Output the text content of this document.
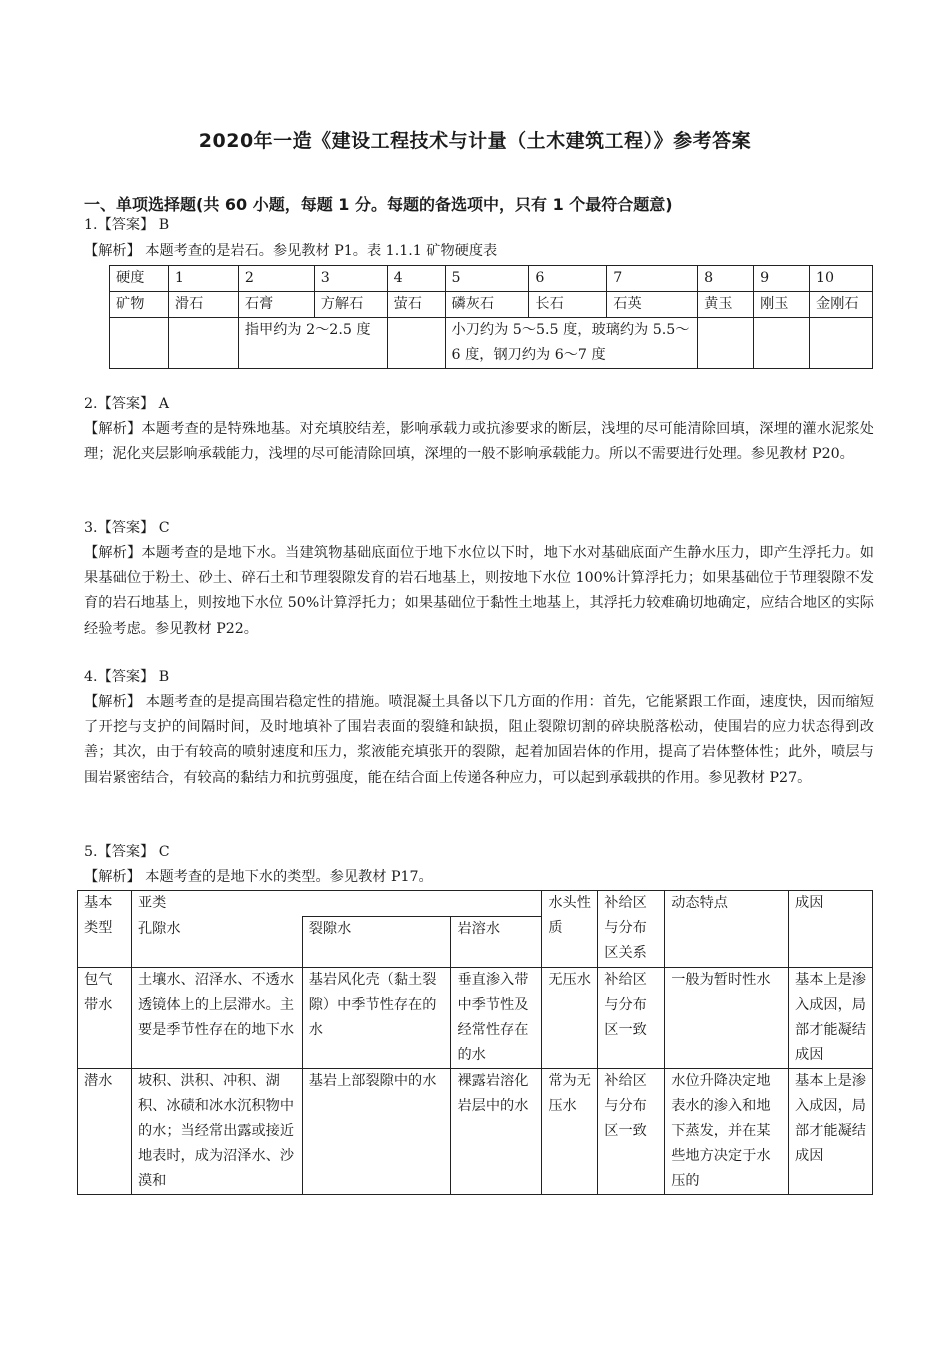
2020年一造《建设工程技术与计量（土木建筑工程）》参考答案
一、单项选择题(共 60 小题，每题 1 分。每题的备选项中，只有 1 个最符合题意)
1.【答案】 B
【解析】 本题考查的是岩石。参见教材 P1。表 1.1.1 矿物硬度表
硬度	1	2	3	4	5	6	7	8	9	10
矿物	滑石	石膏	方解石	萤石	磷灰石	长石	石英	黄玉	刚玉	金刚石
		指甲约为 2～2.5 度			小刀约为 5～5.5 度，玻璃约为 5.5～6 度，钢刀约为 6～7 度					
2.【答案】 A
【解析】本题考查的是特殊地基。对充填胶结差，影响承载力或抗渗要求的断层，浅埋的尽可能清除回填，深埋的灌水泥浆处理；泥化夹层影响承载能力，浅埋的尽可能清除回填，深埋的一般不影响承载能力。所以不需要进行处理。参见教材 P20。
3.【答案】 C
【解析】本题考查的是地下水。当建筑物基础底面位于地下水位以下时，地下水对基础底面产生静水压力，即产生浮托力。如果基础位于粉土、砂土、碎石土和节理裂隙发育的岩石地基上，则按地下水位 100%计算浮托力；如果基础位于节理裂隙不发育的岩石地基上，则按地下水位 50%计算浮托力；如果基础位于黏性土地基上，其浮托力较难确切地确定，应结合地区的实际经验考虑。参见教材 P22。
4.【答案】 B
【解析】 本题考查的是提高围岩稳定性的措施。喷混凝土具备以下几方面的作用：首先，它能紧跟工作面，速度快，因而缩短了开挖与支护的间隔时间，及时地填补了围岩表面的裂缝和缺损，阻止裂隙切割的碎块脱落松动，使围岩的应力状态得到改善；其次，由于有较高的喷射速度和压力，浆液能充填张开的裂隙，起着加固岩体的作用，提高了岩体整体性；此外，喷层与围岩紧密结合，有较高的黏结力和抗剪强度，能在结合面上传递各种应力，可以起到承载拱的作用。参见教材 P27。
5.【答案】 C
【解析】 本题考查的是地下水的类型。参见教材 P17。
基本类型	亚类			水头性质	补给区与分布区关系	动态特点	成因
	孔隙水	裂隙水	岩溶水				
包气带水	土壤水、沼泽水、不透水透镜体上的上层滞水。主要是季节性存在的地下水	基岩风化壳（黏土裂隙）中季节性存在的水	垂直渗入带中季节性及经常性存在的水	无压水	补给区与分布区一致	一般为暂时性水	基本上是渗入成因，局部才能凝结成因
潜水	坡积、洪积、冲积、湖积、冰碛和冰水沉积物中的水；当经常出露或接近地表时，成为沼泽水、沙漠和	基岩上部裂隙中的水	裸露岩溶化岩层中的水	常为无压水	补给区与分布区一致	水位升降决定地表水的渗入和地下蒸发，并在某些地方决定于水压的	基本上是渗入成因，局部才能凝结成因
